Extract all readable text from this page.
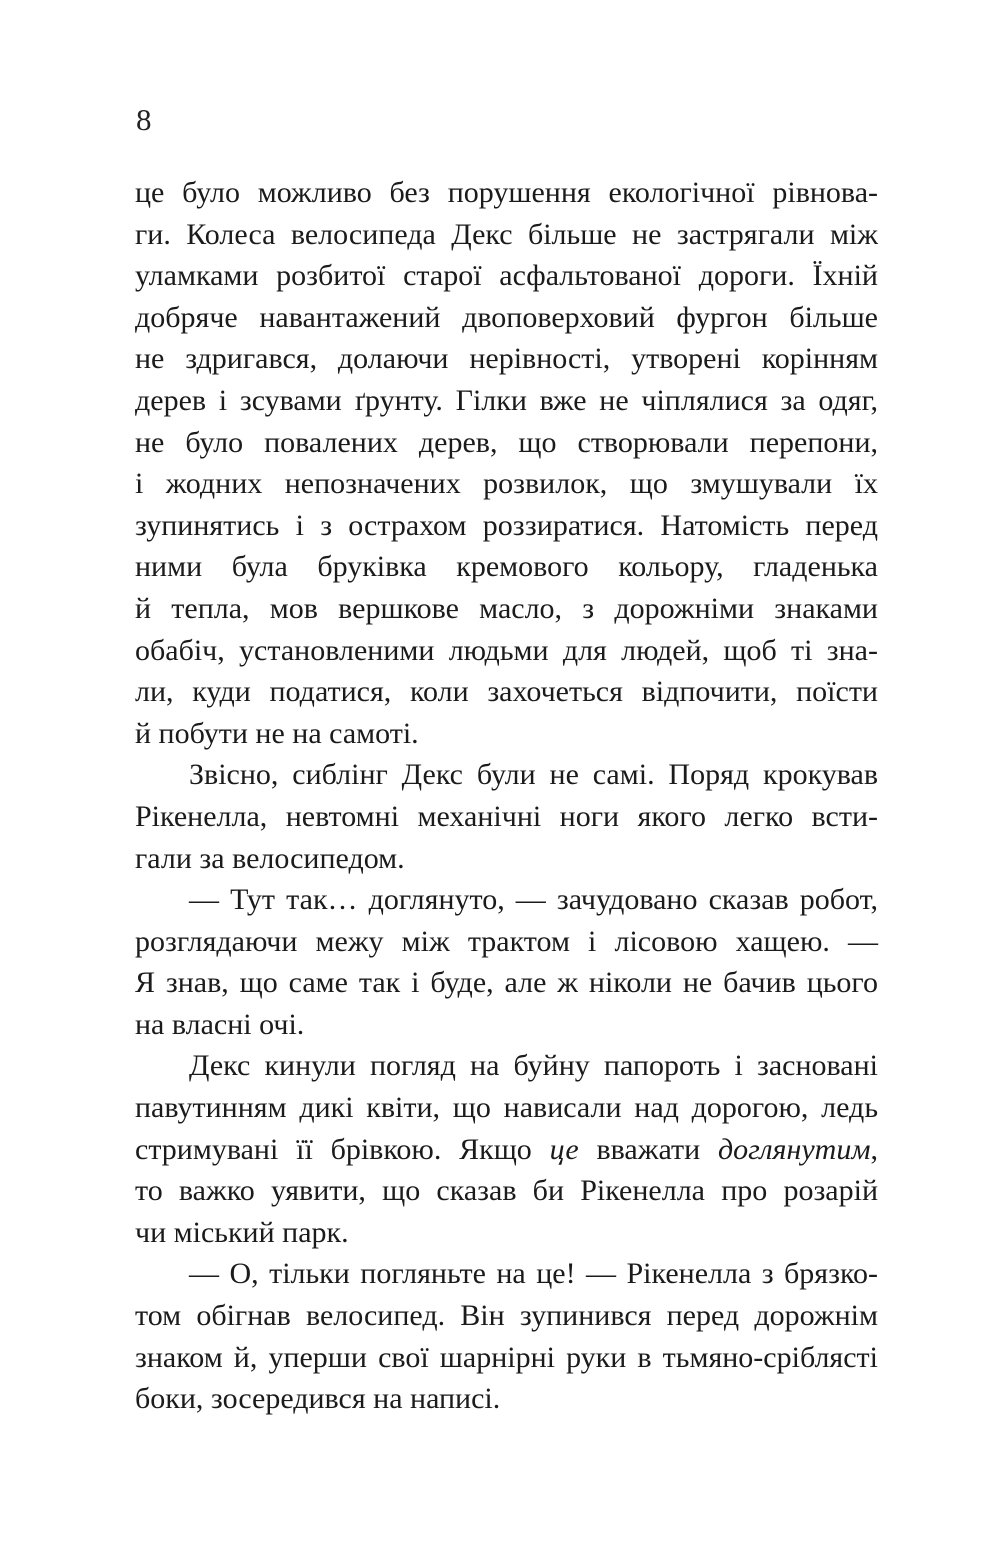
8
це було можливо без порушення екологічної рівнова-
ги. Колеса велосипеда Декс більше не застрягали між
уламками розбитої старої асфальтованої дороги. Їхній
добряче навантажений двоповерховий фургон більше
не здригався, долаючи нерівності, утворені корінням
дерев і зсувами ґрунту. Гілки вже не чіплялися за одяг,
не було повалених дерев, що створювали перепони,
і жодних непозначених розвилок, що змушували їх
зупинятись і з острахом роззиратися. Натомість перед
ними була бруківка кремового кольору, гладенька
й тепла, мов вершкове масло, з дорожніми знаками
обабіч, установленими людьми для людей, щоб ті зна-
ли, куди податися, коли захочеться відпочити, поїсти
й побути не на самоті.
Звісно, сиблінг Декс були не самі. Поряд крокував
Рікенелла, невтомні механічні ноги якого легко всти-
гали за велосипедом.
— Тут так… доглянуто, — зачудовано сказав робот,
розглядаючи межу між трактом і лісовою хащею. —
Я знав, що саме так і буде, але ж ніколи не бачив цього
на власні очі.
Декс кинули погляд на буйну папороть і засновані
павутинням дикі квіти, що нависали над дорогою, ледь
стримувані її брівкою. Якщо це вважати доглянутим,
то важко уявити, що сказав би Рікенелла про розарій
чи міський парк.
— О, тільки погляньте на це! — Рікенелла з брязко-
том обігнав велосипед. Він зупинився перед дорожнім
знаком й, уперши свої шарнірні руки в тьмяно-сріблясті
боки, зосередився на написі.
